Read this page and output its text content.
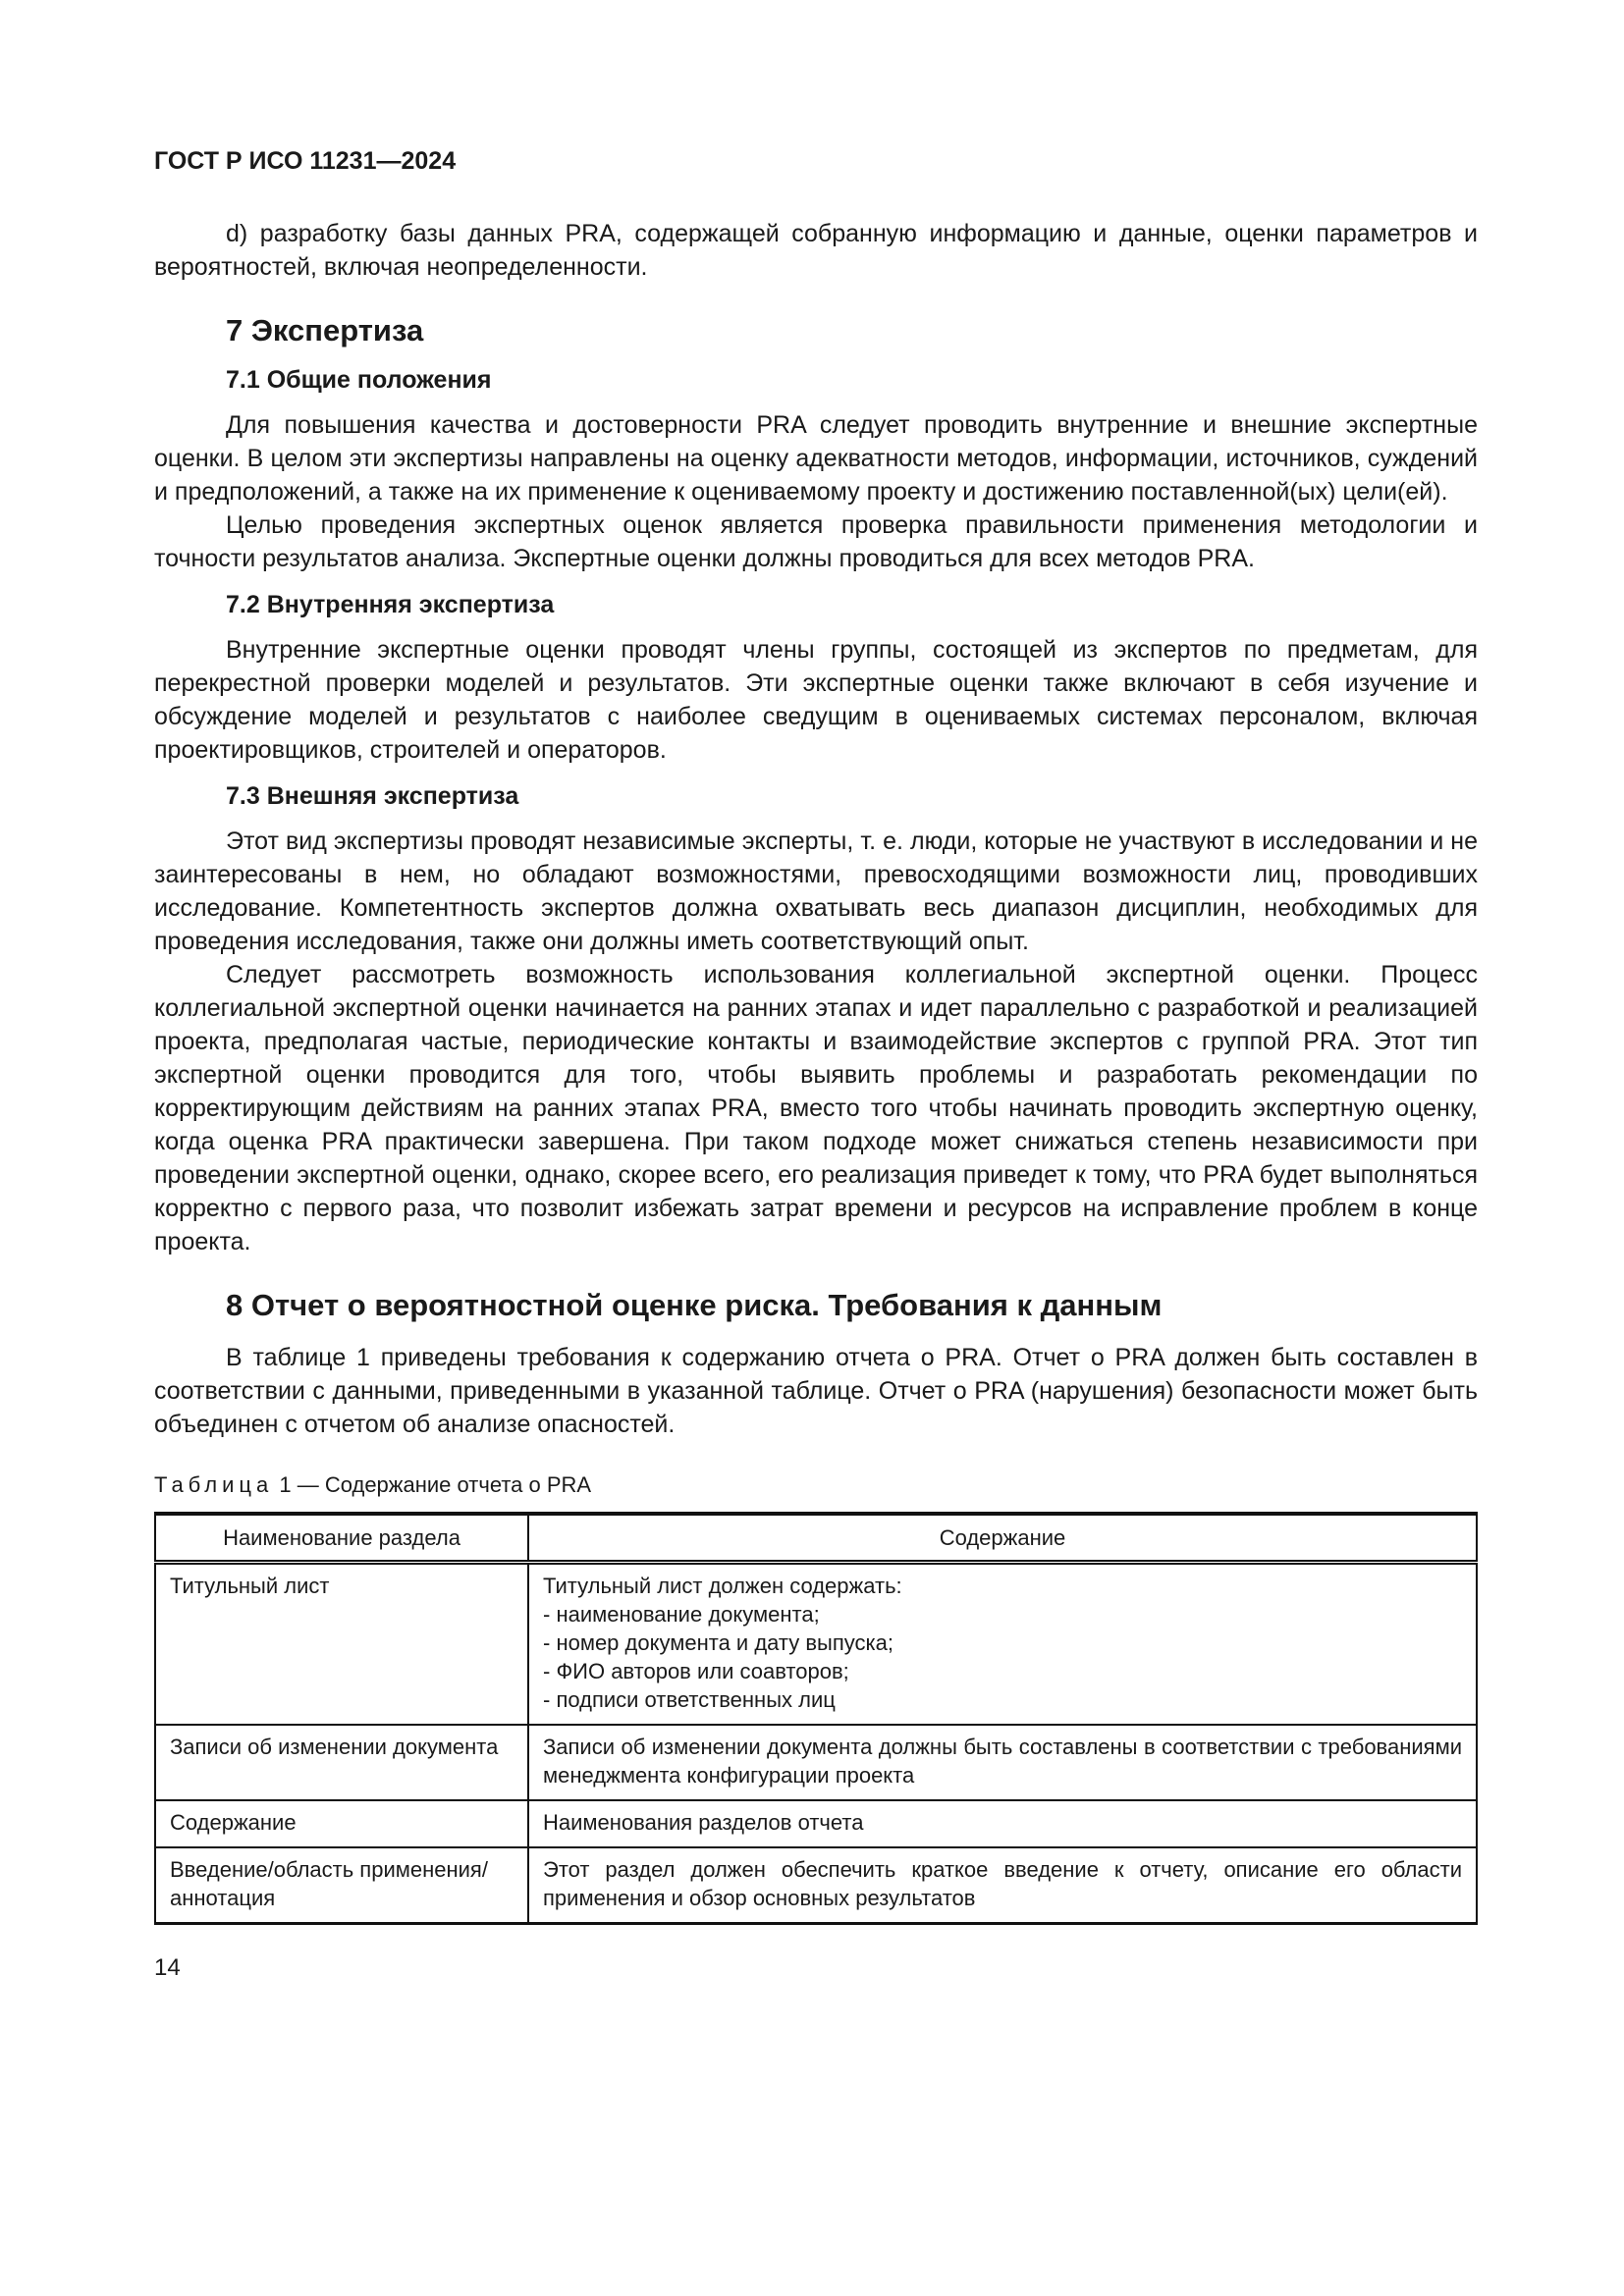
ГОСТ Р ИСО 11231—2024

d) разработку базы данных PRA, содержащей собранную информацию и данные, оценки параметров и вероятностей, включая неопределенности.

7 Экспертиза
7.1 Общие положения

Для повышения качества и достоверности PRA следует проводить внутренние и внешние экспертные оценки. В целом эти экспертизы направлены на оценку адекватности методов, информации, источников, суждений и предположений, а также на их применение к оцениваемому проекту и достижению поставленной(ых) цели(ей).

Целью проведения экспертных оценок является проверка правильности применения методологии и точности результатов анализа. Экспертные оценки должны проводиться для всех методов PRA.

7.2 Внутренняя экспертиза

Внутренние экспертные оценки проводят члены группы, состоящей из экспертов по предметам, для перекрестной проверки моделей и результатов. Эти экспертные оценки также включают в себя изучение и обсуждение моделей и результатов с наиболее сведущим в оцениваемых системах персоналом, включая проектировщиков, строителей и операторов.

7.3 Внешняя экспертиза

Этот вид экспертизы проводят независимые эксперты, т. е. люди, которые не участвуют в исследовании и не заинтересованы в нем, но обладают возможностями, превосходящими возможности лиц, проводивших исследование. Компетентность экспертов должна охватывать весь диапазон дисциплин, необходимых для проведения исследования, также они должны иметь соответствующий опыт.

Следует рассмотреть возможность использования коллегиальной экспертной оценки. Процесс коллегиальной экспертной оценки начинается на ранних этапах и идет параллельно с разработкой и реализацией проекта, предполагая частые, периодические контакты и взаимодействие экспертов с группой PRA. Этот тип экспертной оценки проводится для того, чтобы выявить проблемы и разработать рекомендации по корректирующим действиям на ранних этапах PRA, вместо того чтобы начинать проводить экспертную оценку, когда оценка PRA практически завершена. При таком подходе может снижаться степень независимости при проведении экспертной оценки, однако, скорее всего, его реализация приведет к тому, что PRA будет выполняться корректно с первого раза, что позволит избежать затрат времени и ресурсов на исправление проблем в конце проекта.

8 Отчет о вероятностной оценке риска. Требования к данным

В таблице 1 приведены требования к содержанию отчета о PRA. Отчет о PRA должен быть составлен в соответствии с данными, приведенными в указанной таблице. Отчет о PRA (нарушения) безопасности может быть объединен с отчетом об анализе опасностей.

Таблица 1 — Содержание отчета о PRA
Наименование раздела	Содержание
Титульный лист	Титульный лист должен содержать:
- наименование документа;
- номер документа и дату выпуска;
- ФИО авторов или соавторов;
- подписи ответственных лиц

Записи об изменении документа	Записи об изменении документа должны быть составлены в соответствии с требованиями менеджмента конфигурации проекта
Содержание	Наименования разделов отчета
Введение/область применения/аннотация	Этот раздел должен обеспечить краткое введение к отчету, описание его области применения и обзор основных результатов
14
